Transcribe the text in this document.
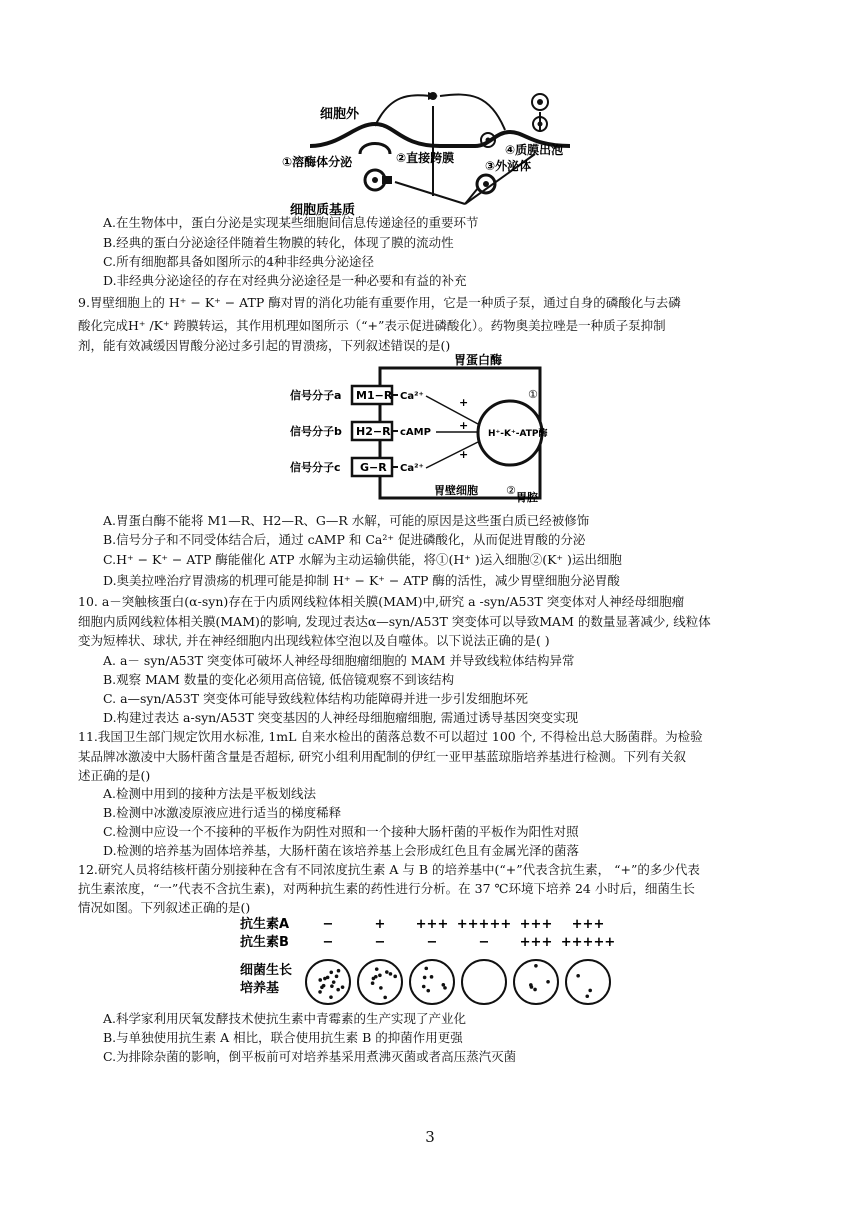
细胞外
细胞质基质
①溶酶体分泌	②直接跨膜
③外泌体
④质膜出泡
A.在生物体中，蛋白分泌是实现某些细胞间信息传递途径的重要环节
B.经典的蛋白分泌途径伴随着生物膜的转化，体现了膜的流动性
C.所有细胞都具备如图所示的4种非经典分泌途径
D.非经典分泌途径的存在对经典分泌途径是一种必要和有益的补充
9.胃壁细胞上的 H⁺ − K⁺ − ATP 酶对胃的消化功能有重要作用，它是一种质子泵，通过自身的磷酸化与去磷
酸化完成H⁺ /K⁺ 跨膜转运，其作用机理如图所示（“+”表示促进磷酸化）。药物奥美拉唑是一种质子泵抑制
剂，能有效减缓因胃酸分泌过多引起的胃溃疡，下列叙述错误的是()
胃蛋白酶
H⁺-K⁺-ATP酶
M1−R
H2−R
G−R
信号分子a
信号分子b
信号分子c
Ca²⁺
cAMP
Ca²⁺
+
+
+
胃壁细胞
胃腔
①
②
A.胃蛋白酶不能将 M1—R、H2—R、G—R 水解，可能的原因是这些蛋白质已经被修饰
B.信号分子和不同受体结合后，通过 cAMP 和 Ca²⁺ 促进磷酸化，从而促进胃酸的分泌
C.H⁺ − K⁺ − ATP 酶能催化 ATP 水解为主动运输供能，将①(H⁺ )运入细胞②(K⁺ )运出细胞
D.奥美拉唑治疗胃溃疡的机理可能是抑制 H⁺ − K⁺ − ATP 酶的活性，减少胃壁细胞分泌胃酸
10. a－突触核蛋白(α-syn)存在于内质网线粒体相关膜(MAM)中,研究 a -syn/A53T 突变体对人神经母细胞瘤
细胞内质网线粒体相关膜(MAM)的影响, 发现过表达α—syn/A53T 突变体可以导致MAM 的数量显著减少, 线粒体
变为短棒状、球状, 并在神经细胞内出现线粒体空泡以及自噬体。以下说法正确的是( )
A. a－ syn/A53T 突变体可破坏人神经母细胞瘤细胞的 MAM 并导致线粒体结构异常
B.观察 MAM 数量的变化必须用高倍镜, 低倍镜观察不到该结构
C. a—syn/A53T 突变体可能导致线粒体结构功能障碍并进一步引发细胞坏死
D.构建过表达 a-syn/A53T 突变基因的人神经母细胞瘤细胞, 需通过诱导基因突变实现
11.我国卫生部门规定饮用水标准, 1mL 自来水检出的菌落总数不可以超过 100 个, 不得检出总大肠菌群。为检验
某品牌冰激凌中大肠杆菌含量是否超标, 研究小组利用配制的伊红一亚甲基蓝琼脂培养基进行检测。下列有关叙
述正确的是()
A.检测中用到的接种方法是平板划线法
B.检测中冰激凌原液应进行适当的梯度稀释
C.检测中应设一个不接种的平板作为阴性对照和一个接种大肠杆菌的平板作为阳性对照
D.检测的培养基为固体培养基，大肠杆菌在该培养基上会形成红色且有金属光泽的菌落
12.研究人员将结核杆菌分别接种在含有不同浓度抗生素 A 与 B 的培养基中(“+”代表含抗生素， “+”的多少代表
抗生素浓度，“一”代表不含抗生素)，对两种抗生素的药性进行分析。在 37 ℃环境下培养 24 小时后，细菌生长
情况如图。下列叙述正确的是()
抗生素A
抗生素B
细菌生长
培养基
−
−
+
−
+++
−
+++++
−
+++
+++
+++
+++++
A.科学家利用厌氧发酵技术使抗生素中青霉素的生产实现了产业化
B.与单独使用抗生素 A 相比，联合使用抗生素 B 的抑菌作用更强
C.为排除杂菌的影响，倒平板前可对培养基采用煮沸灭菌或者高压蒸汽灭菌
3
